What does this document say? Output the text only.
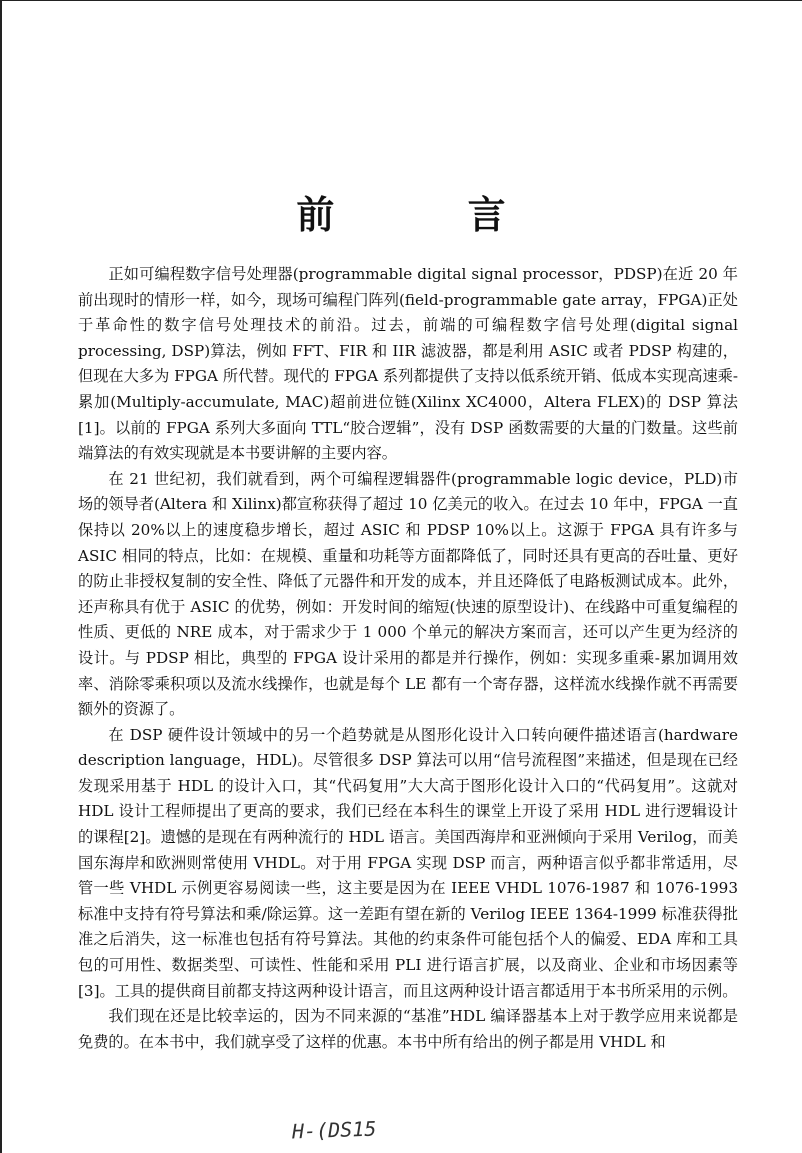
前 言

正如可编程数字信号处理器(programmable digital signal processor，PDSP)在近 20 年前出现时的情形一样，如今，现场可编程门阵列(field-programmable gate array，FPGA)正处于革命性的数字信号处理技术的前沿。过去，前端的可编程数字信号处理(digital signal processing, DSP)算法，例如 FFT、FIR 和 IIR 滤波器，都是利用 ASIC 或者 PDSP 构建的，但现在大多为 FPGA 所代替。现代的 FPGA 系列都提供了支持以低系统开销、低成本实现高速乘-累加(Multiply-accumulate, MAC)超前进位链(Xilinx XC4000，Altera FLEX)的 DSP 算法[1]。以前的 FPGA 系列大多面向 TTL“胶合逻辑”，没有 DSP 函数需要的大量的门数量。这些前端算法的有效实现就是本书要讲解的主要内容。

在 21 世纪初，我们就看到，两个可编程逻辑器件(programmable logic device，PLD)市场的领导者(Altera 和 Xilinx)都宣称获得了超过 10 亿美元的收入。在过去 10 年中，FPGA 一直保持以 20%以上的速度稳步增长，超过 ASIC 和 PDSP 10%以上。这源于 FPGA 具有许多与 ASIC 相同的特点，比如：在规模、重量和功耗等方面都降低了，同时还具有更高的吞吐量、更好的防止非授权复制的安全性、降低了元器件和开发的成本，并且还降低了电路板测试成本。此外，还声称具有优于 ASIC 的优势，例如：开发时间的缩短(快速的原型设计)、在线路中可重复编程的性质、更低的 NRE 成本，对于需求少于 1 000 个单元的解决方案而言，还可以产生更为经济的设计。与 PDSP 相比，典型的 FPGA 设计采用的都是并行操作，例如：实现多重乘-累加调用效率、消除零乘积项以及流水线操作，也就是每个 LE 都有一个寄存器，这样流水线操作就不再需要额外的资源了。

在 DSP 硬件设计领域中的另一个趋势就是从图形化设计入口转向硬件描述语言(hardware description language，HDL)。尽管很多 DSP 算法可以用“信号流程图”来描述，但是现在已经发现采用基于 HDL 的设计入口，其“代码复用”大大高于图形化设计入口的“代码复用”。这就对 HDL 设计工程师提出了更高的要求，我们已经在本科生的课堂上开设了采用 HDL 进行逻辑设计的课程[2]。遗憾的是现在有两种流行的 HDL 语言。美国西海岸和亚洲倾向于采用 Verilog，而美国东海岸和欧洲则常使用 VHDL。对于用 FPGA 实现 DSP 而言，两种语言似乎都非常适用，尽管一些 VHDL 示例更容易阅读一些，这主要是因为在 IEEE VHDL 1076-1987 和 1076-1993 标准中支持有符号算法和乘/除运算。这一差距有望在新的 Verilog IEEE 1364-1999 标准获得批准之后消失，这一标准也包括有符号算法。其他的约束条件可能包括个人的偏爱、EDA 库和工具包的可用性、数据类型、可读性、性能和采用 PLI 进行语言扩展，以及商业、企业和市场因素等[3]。工具的提供商目前都支持这两种设计语言，而且这两种设计语言都适用于本书所采用的示例。

我们现在还是比较幸运的，因为不同来源的“基准”HDL 编译器基本上对于教学应用来说都是免费的。在本书中，我们就享受了这样的优惠。本书中所有给出的例子都是用 VHDL 和

H-(DS15
